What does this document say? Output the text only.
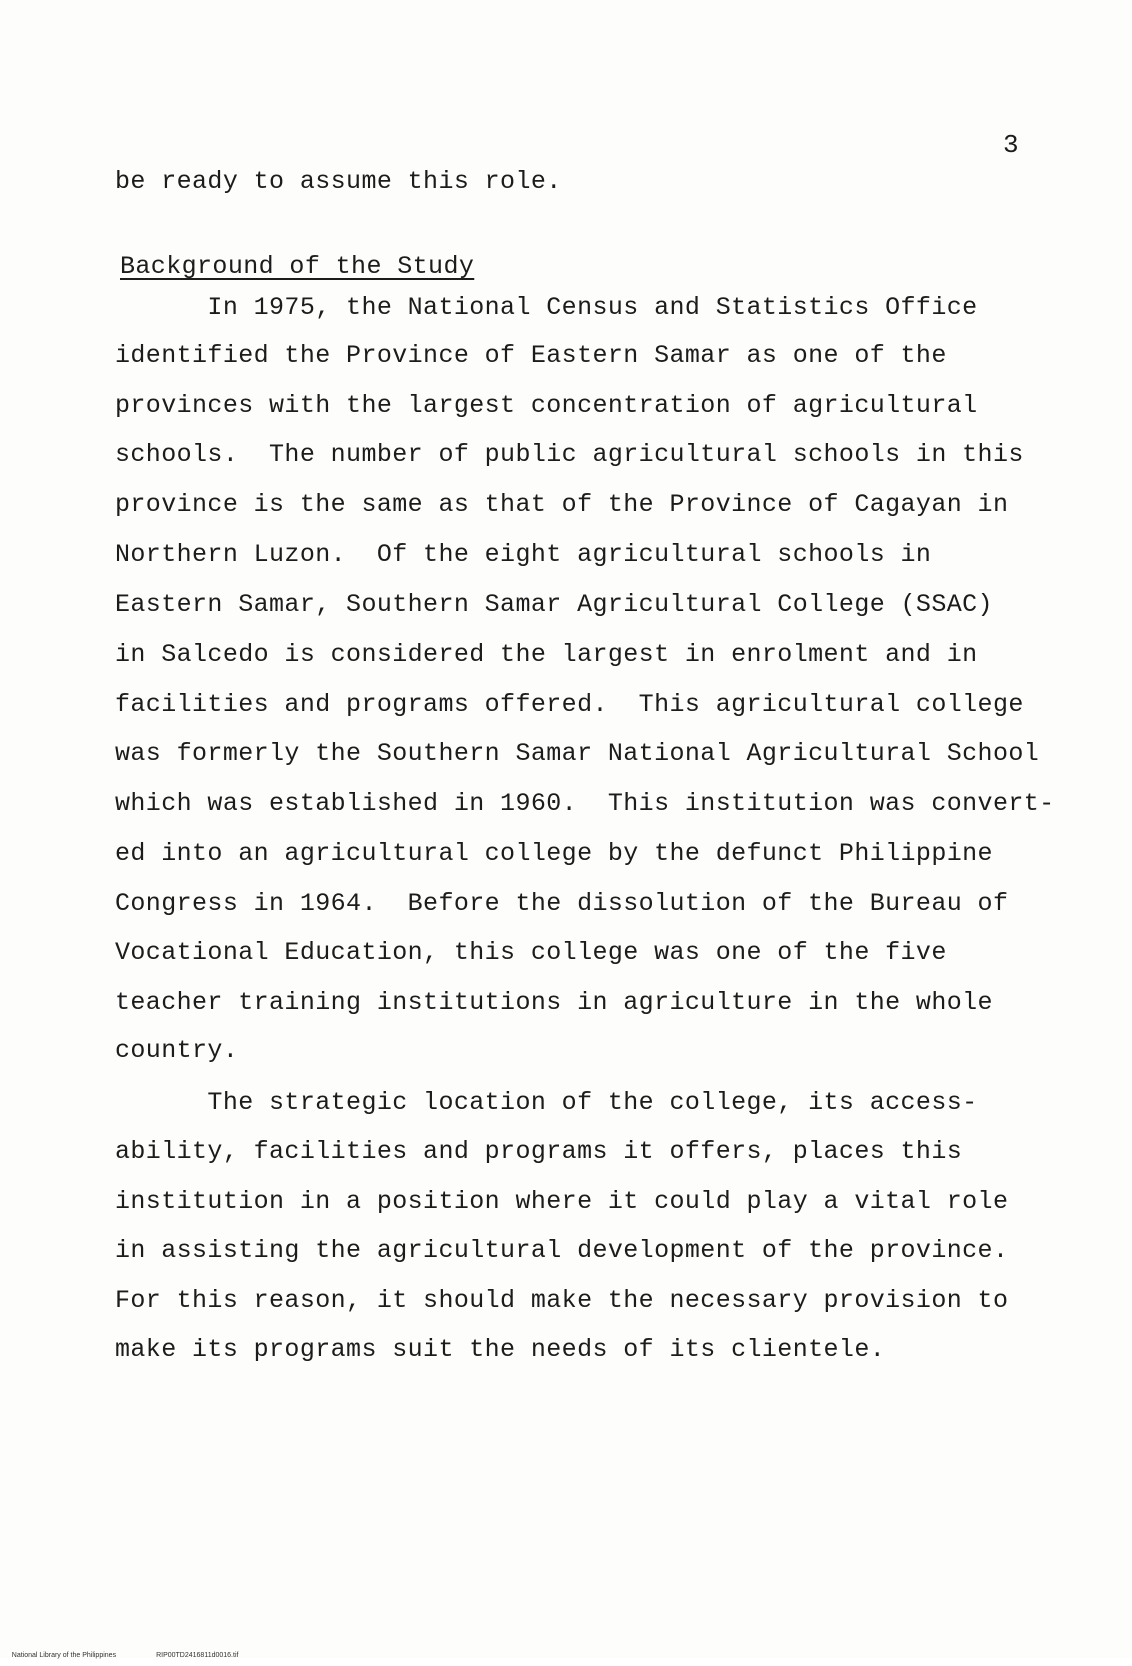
3
be ready to assume this role.
Background of the Study
In 1975, the National Census and Statistics Office
identified the Province of Eastern Samar as one of the
provinces with the largest concentration of agricultural
schools.  The number of public agricultural schools in this
province is the same as that of the Province of Cagayan in
Northern Luzon.  Of the eight agricultural schools in
Eastern Samar, Southern Samar Agricultural College (SSAC)
in Salcedo is considered the largest in enrolment and in
facilities and programs offered.  This agricultural college
was formerly the Southern Samar National Agricultural School
which was established in 1960.  This institution was convert-
ed into an agricultural college by the defunct Philippine
Congress in 1964.  Before the dissolution of the Bureau of
Vocational Education, this college was one of the five
teacher training institutions in agriculture in the whole
country.
The strategic location of the college, its access-
ability, facilities and programs it offers, places this
institution in a position where it could play a vital role
in assisting the agricultural development of the province.
For this reason, it should make the necessary provision to
make its programs suit the needs of its clientele.

National Library of the Philippines	RIP00TD2416811d0016.tif
